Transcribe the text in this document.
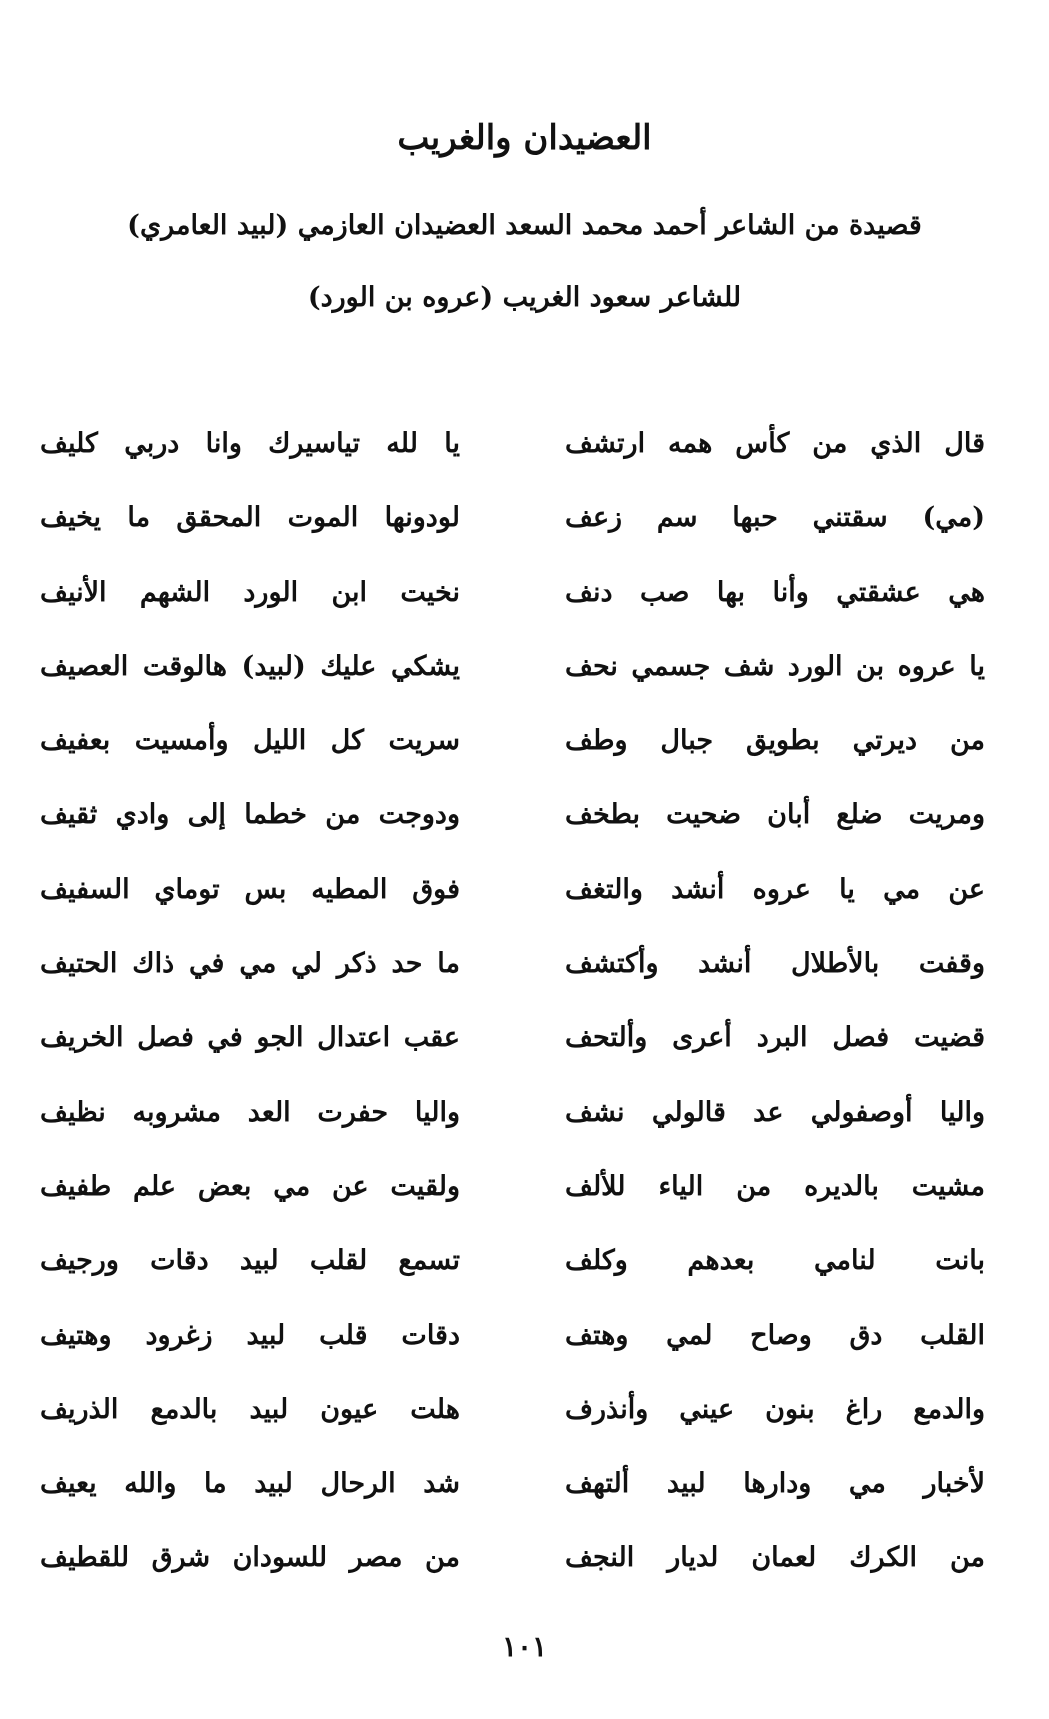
العضيدان والغريب
قصيدة من الشاعر أحمد محمد السعد العضيدان العازمي (لبيد العامري)
للشاعر سعود الغريب (عروه بن الورد)
قال الذي من كأس همه ارتشف
يا لله تياسيرك وانا دربي كليف
(مي) سقتني حبها سم زعف
لودونها الموت المحقق ما يخيف
هي عشقتي وأنا بها صب دنف
نخيت ابن الورد الشهم الأنيف
يا عروه بن الورد شف جسمي نحف
يشكي عليك (لبيد) هالوقت العصيف
من ديرتي بطويق جبال وطف
سريت كل الليل وأمسيت بعفيف
ومريت ضلع أبان ضحيت بطخف
ودوجت من خطما إلى وادي ثقيف
عن مي يا عروه أنشد والتغف
فوق المطيه بس توماي السفيف
وقفت بالأطلال أنشد وأكتشف
ما حد ذكر لي مي في ذاك الحتيف
قضيت فصل البرد أعرى وألتحف
عقب اعتدال الجو في فصل الخريف
واليا أوصفولي عد قالولي نشف
واليا حفرت العد مشروبه نظيف
مشيت بالديره من الياء للألف
ولقيت عن مي بعض علم طفيف
بانت لنامي بعدهم وكلف
تسمع لقلب لبيد دقات ورجيف
القلب دق وصاح لمي وهتف
دقات قلب لبيد زغرود وهتيف
والدمع راغ بنون عيني وأنذرف
هلت عيون لبيد بالدمع الذريف
لأخبار مي ودارها لبيد ألتهف
شد الرحال لبيد ما والله يعيف
من الكرك لعمان لديار النجف
من مصر للسودان شرق للقطيف
١٠١
